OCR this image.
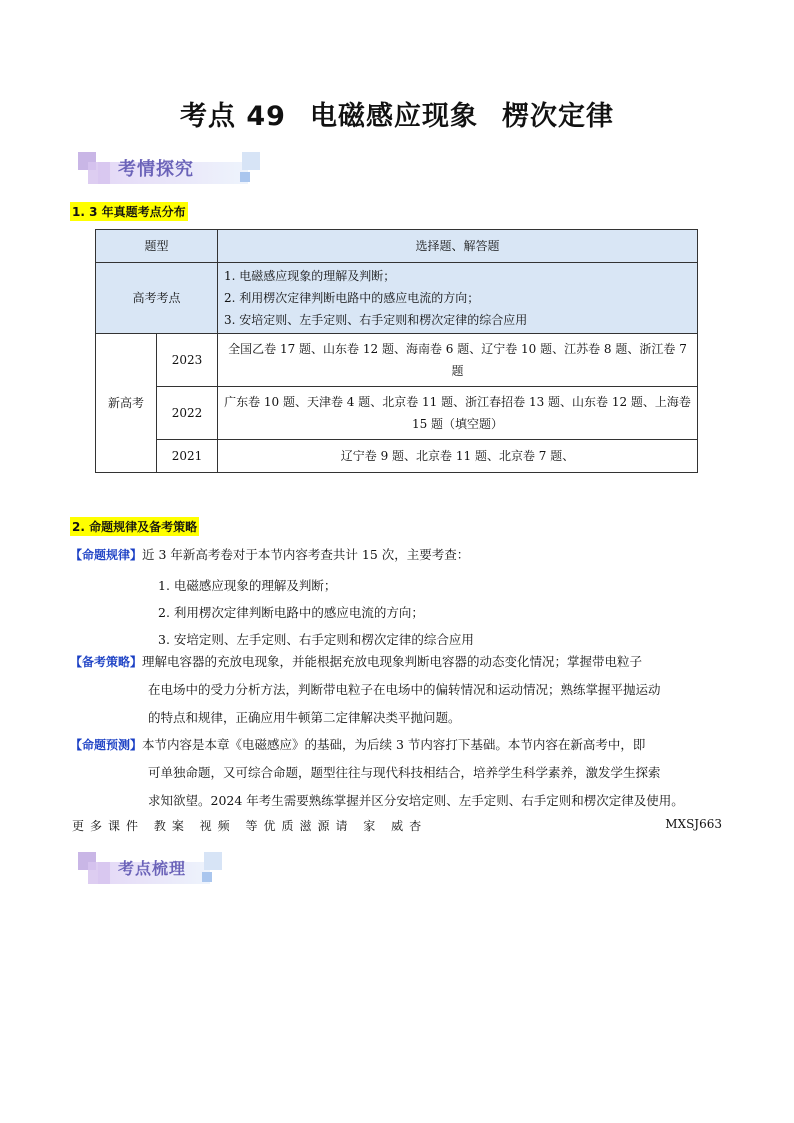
考点 49 电磁感应现象 楞次定律
考情探究
1. 3 年真题考点分布
题型		选择题、解答题
高考考点		1. 电磁感应现象的理解及判断；
2. 利用楞次定律判断电路中的感应电流的方向；
3. 安培定则、左手定则、右手定则和楞次定律的综合应用

新高考	2023	全国乙卷 17 题、山东卷 12 题、海南卷 6 题、辽宁卷 10 题、江苏卷 8 题、浙江卷 7 题
	2022	广东卷 10 题、天津卷 4 题、北京卷 11 题、浙江春招卷 13 题、山东卷 12 题、上海卷 15 题（填空题）
	2021	辽宁卷 9 题、北京卷 11 题、北京卷 7 题、
2. 命题规律及备考策略
【命题规律】近 3 年新高考卷对于本节内容考查共计 15 次，主要考查：
1. 电磁感应现象的理解及判断；
2. 利用楞次定律判断电路中的感应电流的方向；
3. 安培定则、左手定则、右手定则和楞次定律的综合应用
【备考策略】理解电容器的充放电现象，并能根据充放电现象判断电容器的动态变化情况；掌握带电粒子
在电场中的受力分析方法，判断带电粒子在电场中的偏转情况和运动情况；熟练掌握平抛运动
的特点和规律，正确应用牛顿第二定律解决类平抛问题。
【命题预测】本节内容是本章《电磁感应》的基础，为后续 3 节内容打下基础。本节内容在新高考中，即
可单独命题，又可综合命题，题型往往与现代科技相结合，培养学生科学素养，激发学生探索
求知欲望。2024 年考生需要熟练掌握并区分安培定则、左手定则、右手定则和楞次定律及使用。
更多课件 教案 视频 等优质滋源请 家 威杏	MXSJ663
考点梳理
